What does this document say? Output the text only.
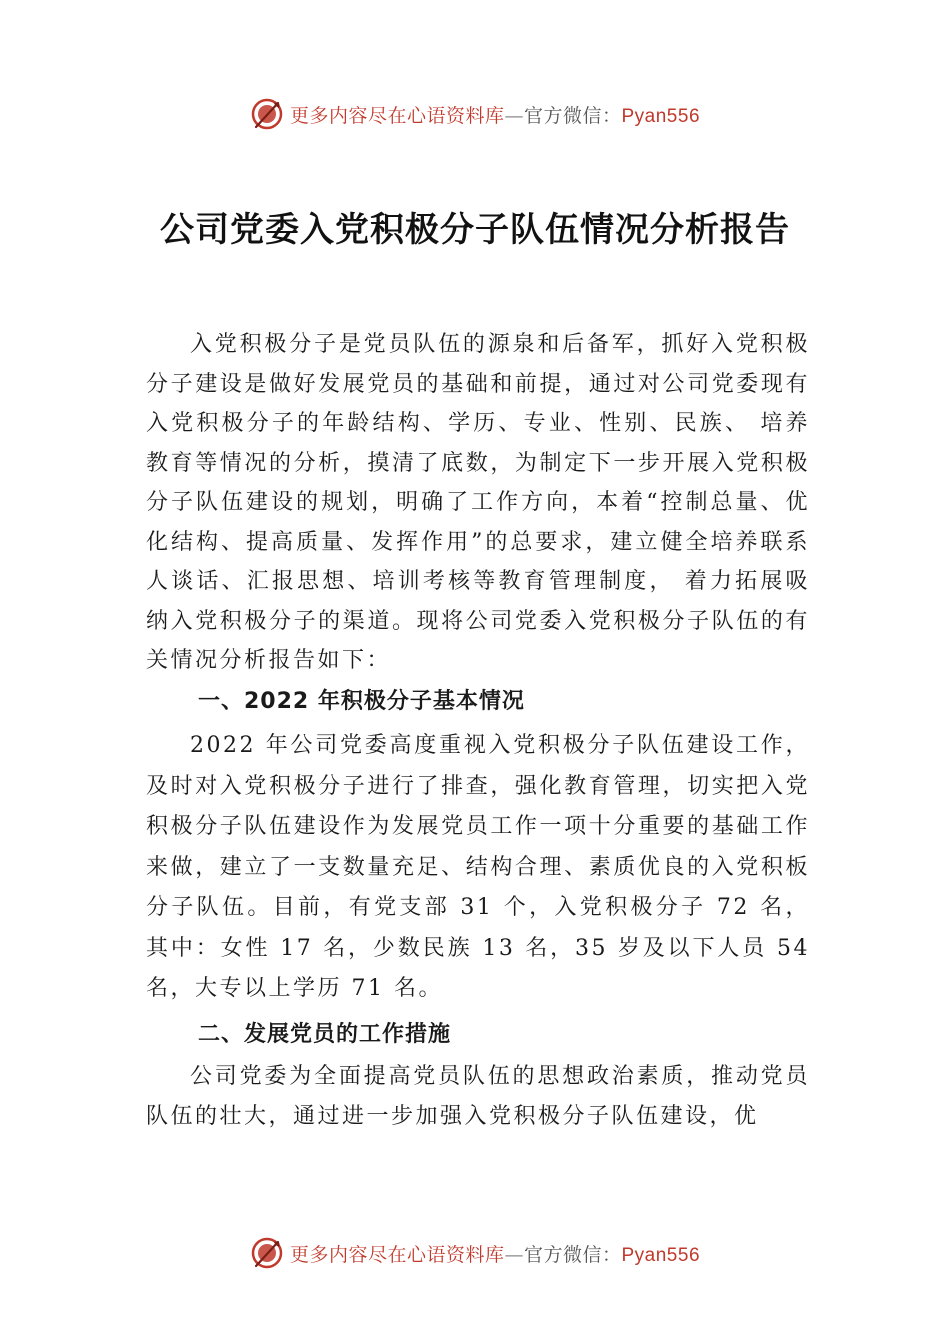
更多内容尽在心语资料库—官方微信：Pyan556
公司党委入党积极分子队伍情况分析报告

入党积极分子是党员队伍的源泉和后备军，抓好入党积极分子建设是做好发展党员的基础和前提，通过对公司党委现有入党积极分子的年龄结构、学历、专业、性别、民族、 培养教育等情况的分析，摸清了底数，为制定下一步开展入党积极分子队伍建设的规划，明确了工作方向，本着“控制总量、优化结构、提高质量、发挥作用”的总要求，建立健全培养联系人谈话、汇报思想、培训考核等教育管理制度， 着力拓展吸纳入党积极分子的渠道。现将公司党委入党积极分子队伍的有关情况分析报告如下：

一、2022 年积极分子基本情况

2022 年公司党委高度重视入党积极分子队伍建设工作，及时对入党积极分子进行了排查，强化教育管理，切实把入党积极分子队伍建设作为发展党员工作一项十分重要的基础工作来做，建立了一支数量充足、结构合理、素质优良的入党积板分子队伍。目前，有党支部 31 个，入党积极分子 72 名，其中：女性 17 名，少数民族 13 名，35 岁及以下人员 54 名，大专以上学历 71 名。

二、发展党员的工作措施

公司党委为全面提高党员队伍的思想政治素质，推动党员队伍的壮大，通过进一步加强入党积极分子队伍建设，优

更多内容尽在心语资料库—官方微信：Pyan556
